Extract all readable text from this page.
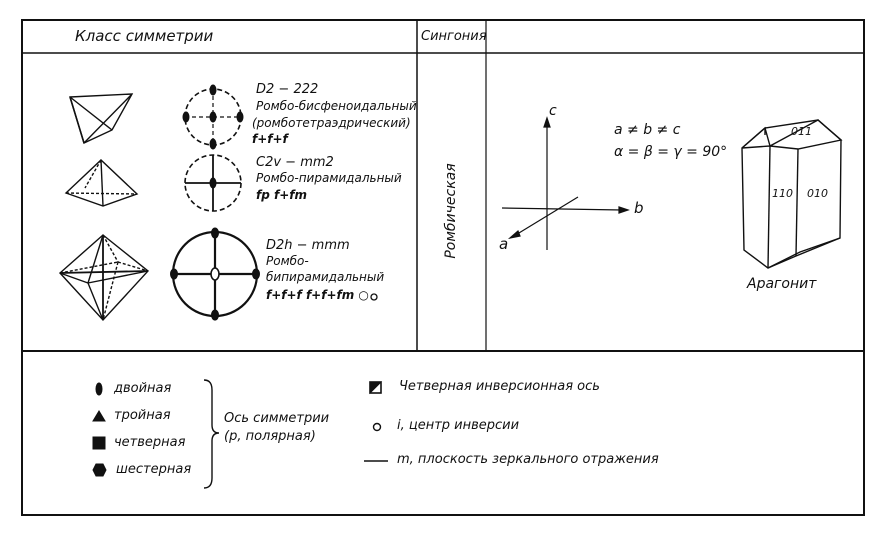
Класс симметрии	Сингония
D2 − 222
Ромбо-бисфеноидальный
(ромботетраэдрический)
f+f+f
C2v − mm2
Ромбо-пирамидальный
fp f+fm
D2h − mmm
Ромбо-
бипирамидальный
f+f+f f+f+fm ○
Ромбическая
c
b
a
a ≠ b ≠ c
α = β = γ = 90°
011
110 010
Арагонит
двойная
тройная
четверная
шестерная
Ось симметрии
(p, полярная)
Четверная инверсионная ось
i, центр инверсии
m, плоскость зеркального отражения
